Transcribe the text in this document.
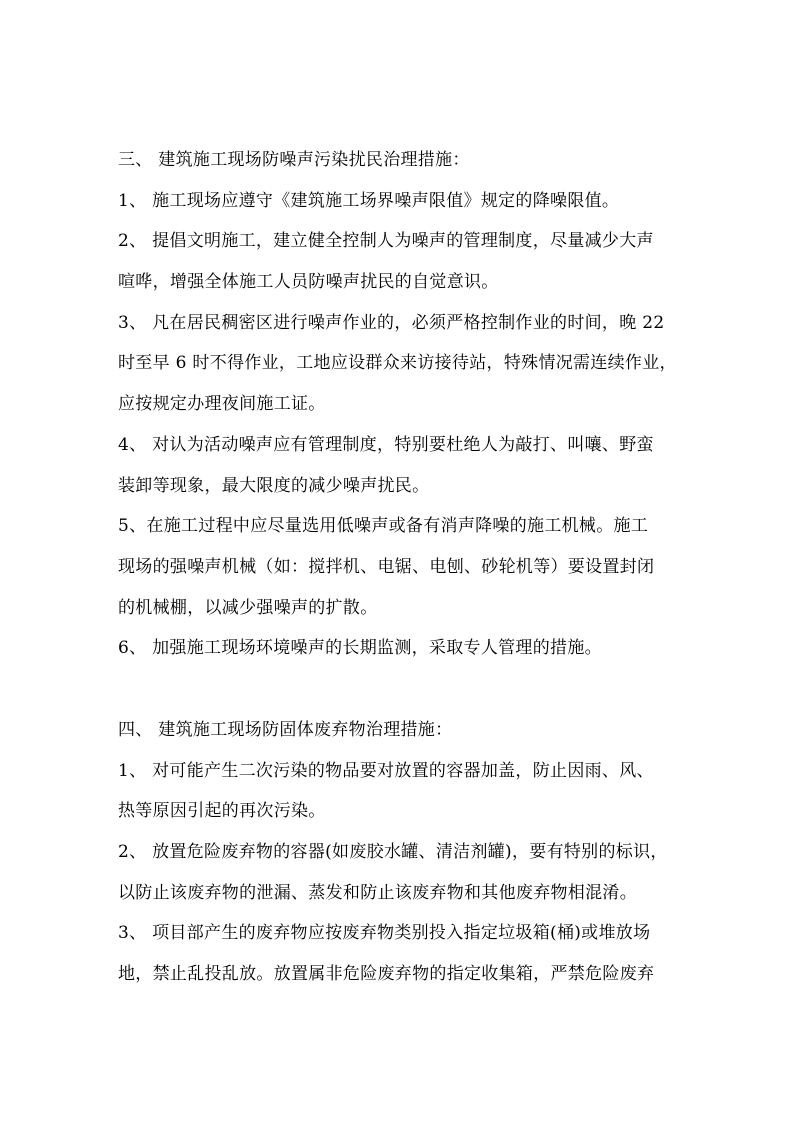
三、 建筑施工现场防噪声污染扰民治理措施：
1、 施工现场应遵守《建筑施工场界噪声限值》规定的降噪限值。
2、 提倡文明施工，建立健全控制人为噪声的管理制度，尽量减少大声
喧哗，增强全体施工人员防噪声扰民的自觉意识。
3、 凡在居民稠密区进行噪声作业的，必须严格控制作业的时间，晚 22
时至早 6 时不得作业，工地应设群众来访接待站，特殊情况需连续作业，
应按规定办理夜间施工证。
4、 对认为活动噪声应有管理制度，特别要杜绝人为敲打、叫嚷、野蛮
装卸等现象，最大限度的减少噪声扰民。
5、在施工过程中应尽量选用低噪声或备有消声降噪的施工机械。施工
现场的强噪声机械（如：搅拌机、电锯、电刨、砂轮机等）要设置封闭
的机械棚，以减少强噪声的扩散。
6、 加强施工现场环境噪声的长期监测，采取专人管理的措施。
四、 建筑施工现场防固体废弃物治理措施：
1、 对可能产生二次污染的物品要对放置的容器加盖，防止因雨、风、
热等原因引起的再次污染。
2、 放置危险废弃物的容器(如废胶水罐、清洁剂罐)，要有特别的标识，
以防止该废弃物的泄漏、蒸发和防止该废弃物和其他废弃物相混淆。
3、 项目部产生的废弃物应按废弃物类别投入指定垃圾箱(桶)或堆放场
地，禁止乱投乱放。放置属非危险废弃物的指定收集箱，严禁危险废弃
